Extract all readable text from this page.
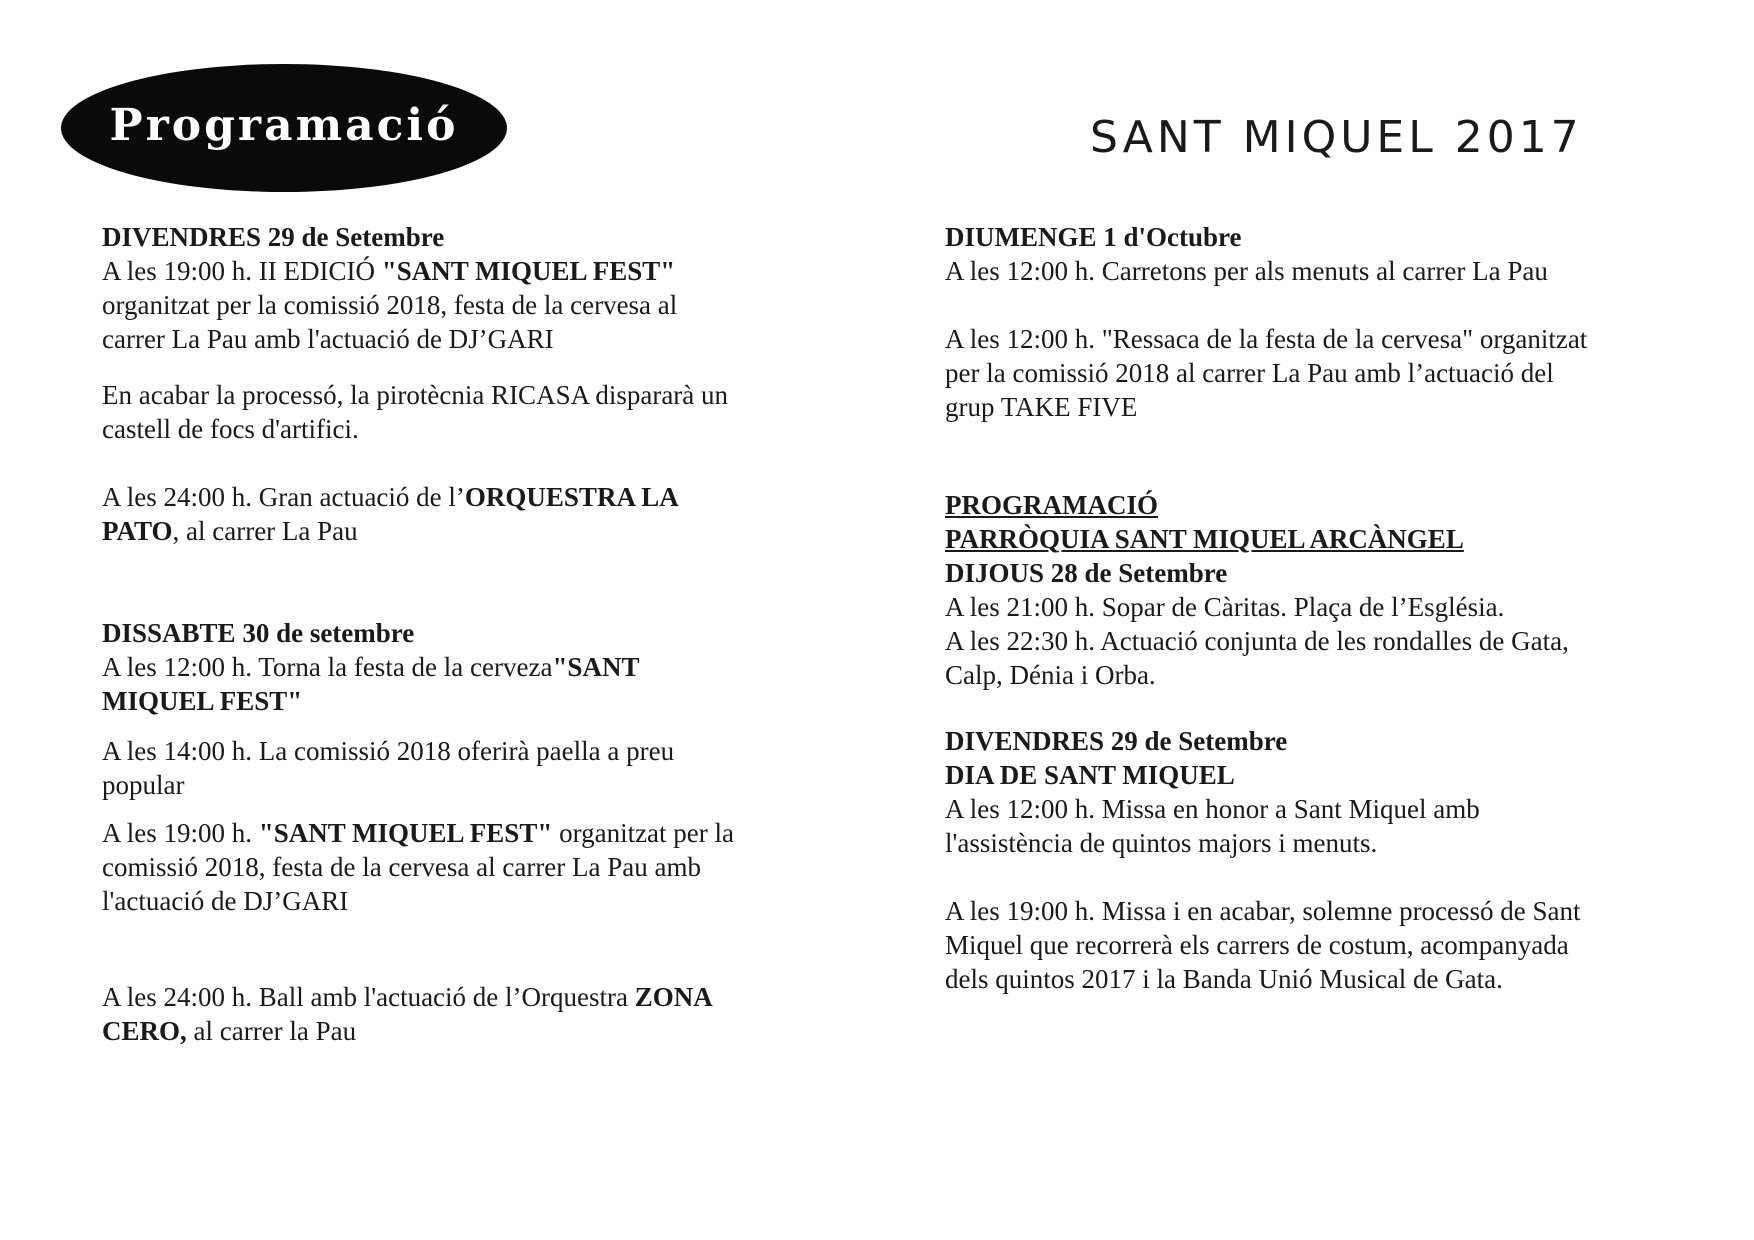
Programació	SANT MIQUEL 2017
DIVENDRES 29 de Setembre
A les 19:00 h. II EDICIÓ "SANT MIQUEL FEST"
organitzat per la comissió 2018, festa de la cervesa al
carrer La Pau amb l'actuació de DJ’GARI
En acabar la processó, la pirotècnia RICASA dispararà un
castell de focs d'artifici.
A les 24:00 h. Gran actuació de l’ORQUESTRA LA
PATO, al carrer La Pau
DISSABTE 30 de setembre
A les 12:00 h. Torna la festa de la cerveza"SANT
MIQUEL FEST"
A les 14:00 h. La comissió 2018 oferirà paella a preu
popular
A les 19:00 h. "SANT MIQUEL FEST" organitzat per la
comissió 2018, festa de la cervesa al carrer La Pau amb
l'actuació de DJ’GARI
A les 24:00 h. Ball amb l'actuació de l’Orquestra ZONA
CERO, al carrer la Pau
DIUMENGE 1 d'Octubre
A les 12:00 h. Carretons per als menuts al carrer La Pau
A les 12:00 h. "Ressaca de la festa de la cervesa" organitzat
per la comissió 2018 al carrer La Pau amb l’actuació del
grup TAKE FIVE
PROGRAMACIÓ
PARRÒQUIA SANT MIQUEL ARCÀNGEL
DIJOUS 28 de Setembre
A les 21:00 h. Sopar de Càritas. Plaça de l’Església.
A les 22:30 h. Actuació conjunta de les rondalles de Gata,
Calp, Dénia i Orba.
DIVENDRES 29 de Setembre
DIA DE SANT MIQUEL
A les 12:00 h. Missa en honor a Sant Miquel amb
l'assistència de quintos majors i menuts.
A les 19:00 h. Missa i en acabar, solemne processó de Sant
Miquel que recorrerà els carrers de costum, acompanyada
dels quintos 2017 i la Banda Unió Musical de Gata.
